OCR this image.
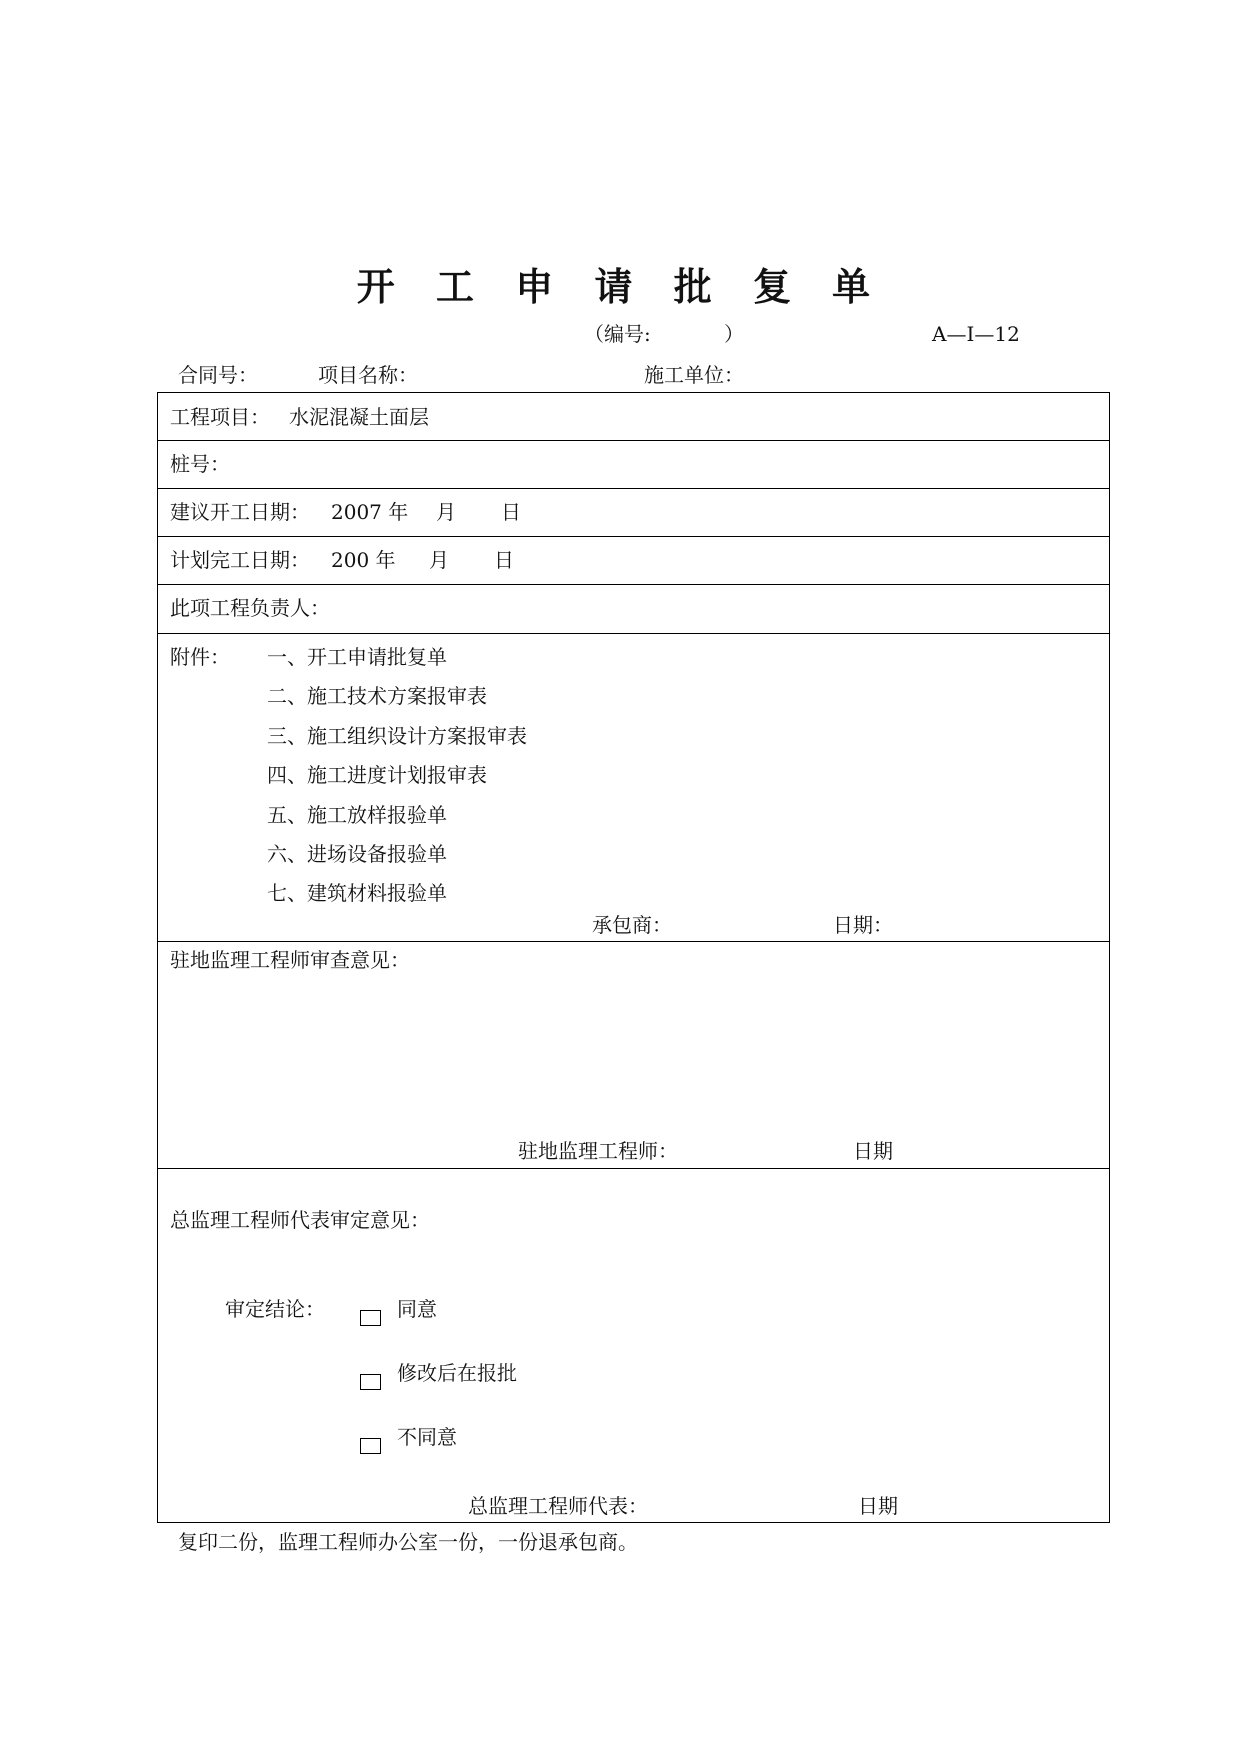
开 工 申 请 批 复 单
（编号:	）	A—Ⅰ—12
合同号：	项目名称：	施工单位：
工程项目： 水泥混凝土面层
桩号：
建议开工日期： 2007 年 月 日
计划完工日期： 200 年 月 日
此项工程负责人：
附件： 一、开工申请批复单
二、施工技术方案报审表
三、施工组织设计方案报审表
四、施工进度计划报审表
五、施工放样报验单
六、进场设备报验单
七、建筑材料报验单
承包商：	日期：
驻地监理工程师审查意见：
驻地监理工程师：	日期
总监理工程师代表审定意见：
审定结论：	同意
修改后在报批
不同意
总监理工程师代表：	日期
复印二份，监理工程师办公室一份，一份退承包商。
